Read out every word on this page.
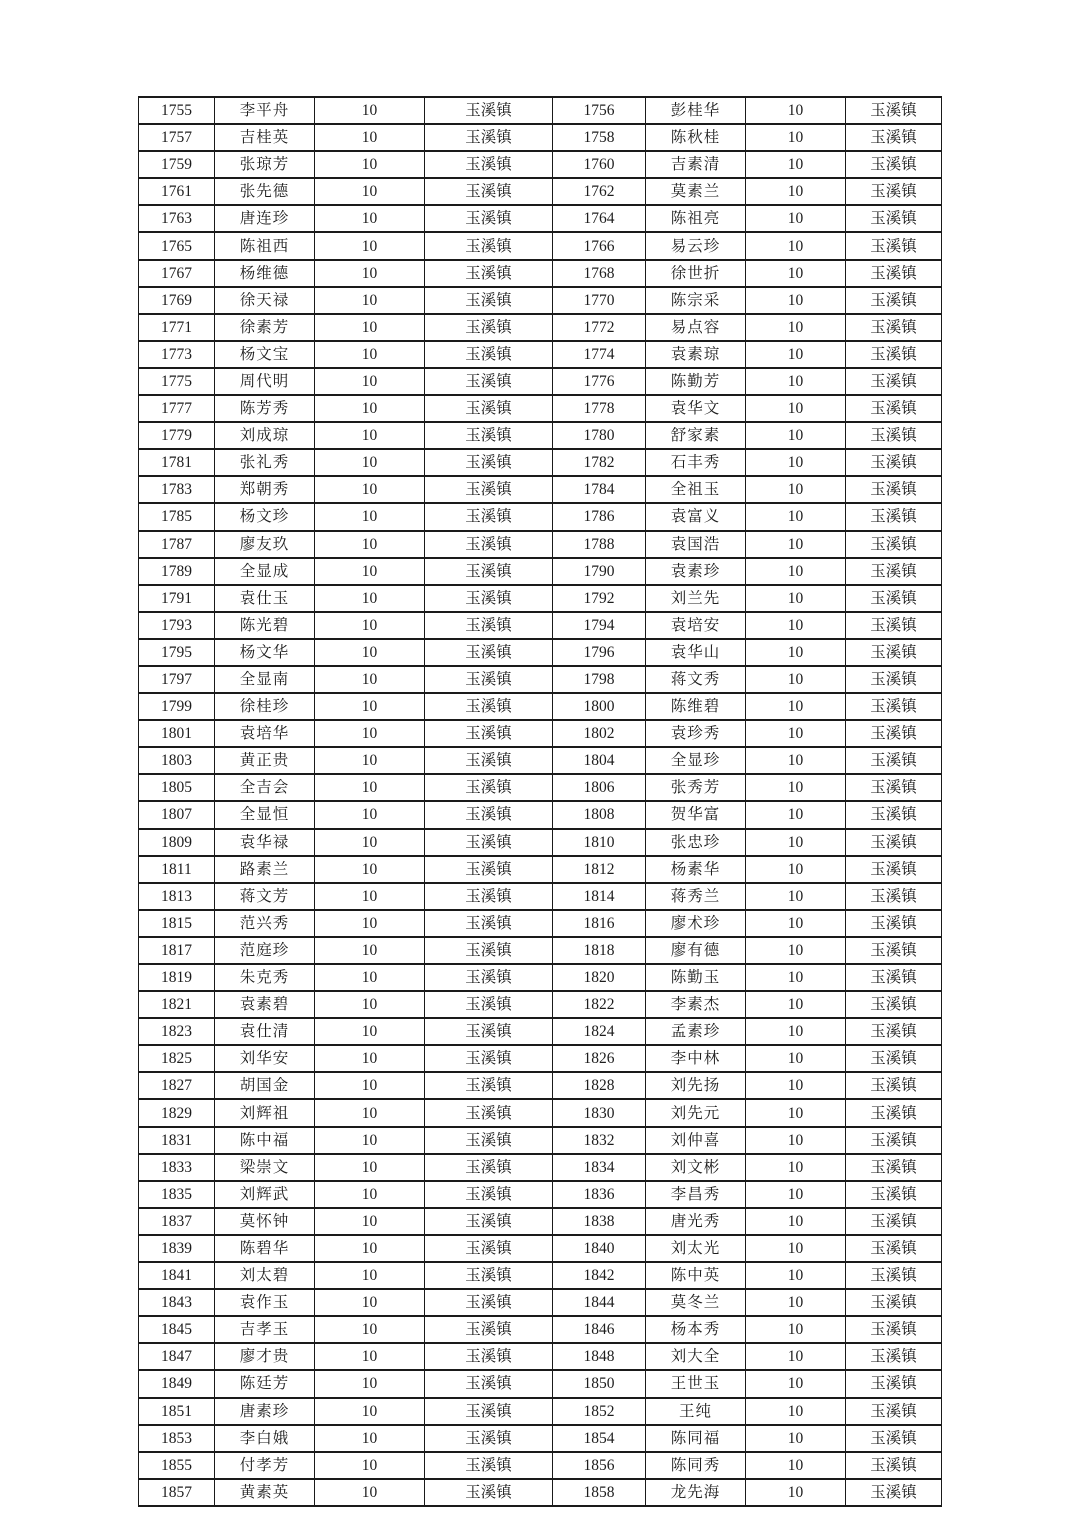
1755	李平舟	10	玉溪镇	1756	彭桂华	10	玉溪镇
1757	吉桂英	10	玉溪镇	1758	陈秋桂	10	玉溪镇
1759	张琼芳	10	玉溪镇	1760	吉素清	10	玉溪镇
1761	张先德	10	玉溪镇	1762	莫素兰	10	玉溪镇
1763	唐连珍	10	玉溪镇	1764	陈祖亮	10	玉溪镇
1765	陈祖西	10	玉溪镇	1766	易云珍	10	玉溪镇
1767	杨维德	10	玉溪镇	1768	徐世折	10	玉溪镇
1769	徐天禄	10	玉溪镇	1770	陈宗采	10	玉溪镇
1771	徐素芳	10	玉溪镇	1772	易点容	10	玉溪镇
1773	杨文宝	10	玉溪镇	1774	袁素琼	10	玉溪镇
1775	周代明	10	玉溪镇	1776	陈勤芳	10	玉溪镇
1777	陈芳秀	10	玉溪镇	1778	袁华文	10	玉溪镇
1779	刘成琼	10	玉溪镇	1780	舒家素	10	玉溪镇
1781	张礼秀	10	玉溪镇	1782	石丰秀	10	玉溪镇
1783	郑朝秀	10	玉溪镇	1784	全祖玉	10	玉溪镇
1785	杨文珍	10	玉溪镇	1786	袁富义	10	玉溪镇
1787	廖友玖	10	玉溪镇	1788	袁国浩	10	玉溪镇
1789	全显成	10	玉溪镇	1790	袁素珍	10	玉溪镇
1791	袁仕玉	10	玉溪镇	1792	刘兰先	10	玉溪镇
1793	陈光碧	10	玉溪镇	1794	袁培安	10	玉溪镇
1795	杨文华	10	玉溪镇	1796	袁华山	10	玉溪镇
1797	全显南	10	玉溪镇	1798	蒋文秀	10	玉溪镇
1799	徐桂珍	10	玉溪镇	1800	陈维碧	10	玉溪镇
1801	袁培华	10	玉溪镇	1802	袁珍秀	10	玉溪镇
1803	黄正贵	10	玉溪镇	1804	全显珍	10	玉溪镇
1805	全吉会	10	玉溪镇	1806	张秀芳	10	玉溪镇
1807	全显恒	10	玉溪镇	1808	贺华富	10	玉溪镇
1809	袁华禄	10	玉溪镇	1810	张忠珍	10	玉溪镇
1811	路素兰	10	玉溪镇	1812	杨素华	10	玉溪镇
1813	蒋文芳	10	玉溪镇	1814	蒋秀兰	10	玉溪镇
1815	范兴秀	10	玉溪镇	1816	廖术珍	10	玉溪镇
1817	范庭珍	10	玉溪镇	1818	廖有德	10	玉溪镇
1819	朱克秀	10	玉溪镇	1820	陈勤玉	10	玉溪镇
1821	袁素碧	10	玉溪镇	1822	李素杰	10	玉溪镇
1823	袁仕清	10	玉溪镇	1824	孟素珍	10	玉溪镇
1825	刘华安	10	玉溪镇	1826	李中林	10	玉溪镇
1827	胡国金	10	玉溪镇	1828	刘先扬	10	玉溪镇
1829	刘辉祖	10	玉溪镇	1830	刘先元	10	玉溪镇
1831	陈中福	10	玉溪镇	1832	刘仲喜	10	玉溪镇
1833	梁崇文	10	玉溪镇	1834	刘文彬	10	玉溪镇
1835	刘辉武	10	玉溪镇	1836	李昌秀	10	玉溪镇
1837	莫怀钟	10	玉溪镇	1838	唐光秀	10	玉溪镇
1839	陈碧华	10	玉溪镇	1840	刘太光	10	玉溪镇
1841	刘太碧	10	玉溪镇	1842	陈中英	10	玉溪镇
1843	袁作玉	10	玉溪镇	1844	莫冬兰	10	玉溪镇
1845	吉孝玉	10	玉溪镇	1846	杨本秀	10	玉溪镇
1847	廖才贵	10	玉溪镇	1848	刘大全	10	玉溪镇
1849	陈廷芳	10	玉溪镇	1850	王世玉	10	玉溪镇
1851	唐素珍	10	玉溪镇	1852	王纯	10	玉溪镇
1853	李白娥	10	玉溪镇	1854	陈同福	10	玉溪镇
1855	付孝芳	10	玉溪镇	1856	陈同秀	10	玉溪镇
1857	黄素英	10	玉溪镇	1858	龙先海	10	玉溪镇
